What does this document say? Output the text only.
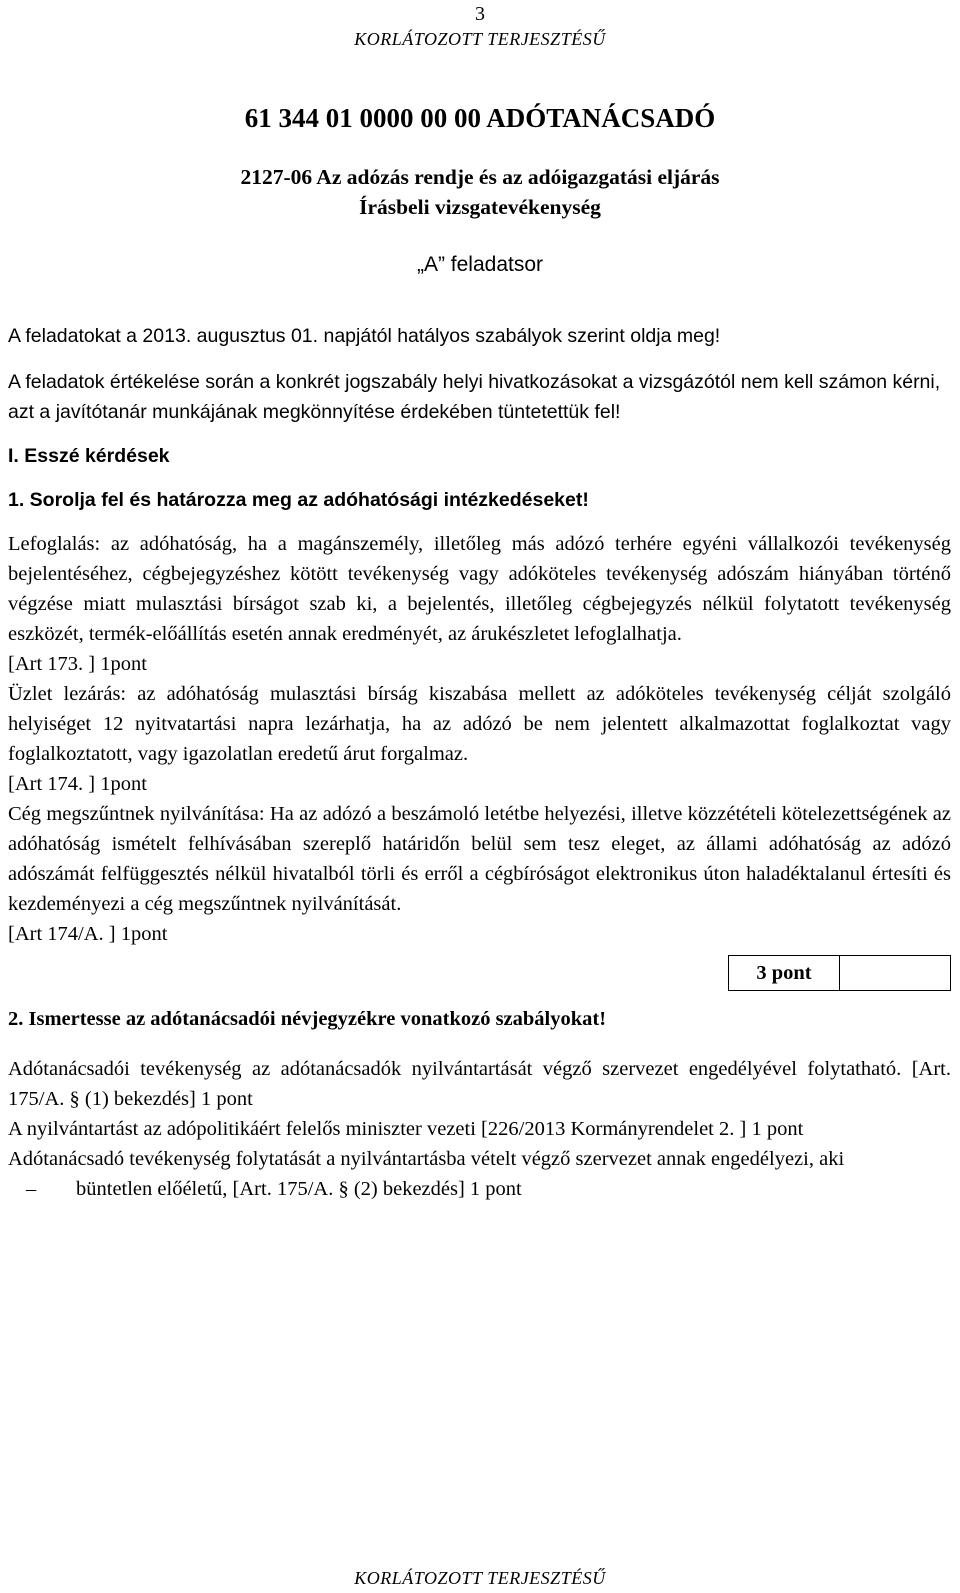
3
KORLÁTOZOTT TERJESZTÉSŰ
61 344 01 0000 00 00 ADÓTANÁCSADÓ
2127-06 Az adózás rendje és az adóigazgatási eljárás
Írásbeli vizsgatevékenység
„A” feladatsor

A feladatokat a 2013. augusztus 01. napjától hatályos szabályok szerint oldja meg!

A feladatok értékelése során a konkrét jogszabály helyi hivatkozásokat a vizsgázótól nem kell számon kérni, azt a javítótanár munkájának megkönnyítése érdekében tüntetettük fel!

I. Esszé kérdések

1. Sorolja fel és határozza meg az adóhatósági intézkedéseket!

Lefoglalás: az adóhatóság, ha a magánszemély, illetőleg más adózó terhére egyéni vállalkozói tevékenység bejelentéséhez, cégbejegyzéshez kötött tevékenység vagy adóköteles tevékenység adószám hiányában történő végzése miatt mulasztási bírságot szab ki, a bejelentés, illetőleg cégbejegyzés nélkül folytatott tevékenység eszközét, termék-előállítás esetén annak eredményét, az árukészletet lefoglalhatja.

[Art 173. ] 1pont

Üzlet lezárás: az adóhatóság mulasztási bírság kiszabása mellett az adóköteles tevékenység célját szolgáló helyiséget 12 nyitvatartási napra lezárhatja, ha az adózó be nem jelentett alkalmazottat foglalkoztat vagy foglalkoztatott, vagy igazolatlan eredetű árut forgalmaz.

[Art 174. ] 1pont

Cég megszűntnek nyilvánítása: Ha az adózó a beszámoló letétbe helyezési, illetve közzétételi kötelezettségének az adóhatóság ismételt felhívásában szereplő határidőn belül sem tesz eleget, az állami adóhatóság az adózó adószámát felfüggesztés nélkül hivatalból törli és erről a cégbíróságot elektronikus úton haladéktalanul értesíti és kezdeményezi a cég megszűntnek nyilvánítását.

[Art 174/A. ] 1pont

3 pont

2. Ismertesse az adótanácsadói névjegyzékre vonatkozó szabályokat!

Adótanácsadói tevékenység az adótanácsadók nyilvántartását végző szervezet engedélyével folytatható. [Art. 175/A. § (1) bekezdés] 1 pont

A nyilvántartást az adópolitikáért felelős miniszter vezeti [226/2013 Kormányrendelet 2. ] 1 pont

Adótanácsadó tevékenység folytatását a nyilvántartásba vételt végző szervezet annak engedélyezi, aki

–	büntetlen előéletű, [Art. 175/A. § (2) bekezdés] 1 pont
KORLÁTOZOTT TERJESZTÉSŰ
